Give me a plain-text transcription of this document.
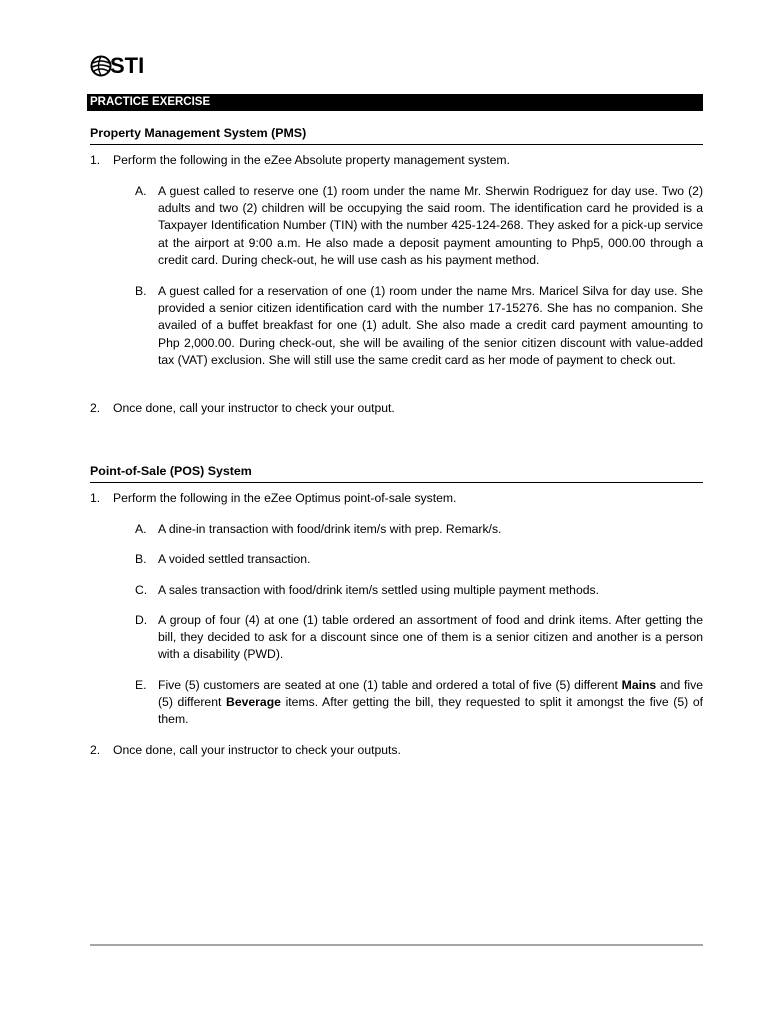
STI
PRACTICE EXERCISE
Property Management System (PMS)
1. Perform the following in the eZee Absolute property management system.
A. A guest called to reserve one (1) room under the name Mr. Sherwin Rodriguez for day use. Two (2) adults and two (2) children will be occupying the said room. The identification card he provided is a Taxpayer Identification Number (TIN) with the number 425-124-268. They asked for a pick-up service at the airport at 9:00 a.m. He also made a deposit payment amounting to Php5, 000.00 through a credit card. During check-out, he will use cash as his payment method.
B. A guest called for a reservation of one (1) room under the name Mrs. Maricel Silva for day use. She provided a senior citizen identification card with the number 17-15276. She has no companion. She availed of a buffet breakfast for one (1) adult. She also made a credit card payment amounting to Php 2,000.00. During check-out, she will be availing of the senior citizen discount with value-added tax (VAT) exclusion. She will still use the same credit card as her mode of payment to check out.
2. Once done, call your instructor to check your output.
Point-of-Sale (POS) System
1. Perform the following in the eZee Optimus point-of-sale system.
A. A dine-in transaction with food/drink item/s with prep. Remark/s.
B. A voided settled transaction.
C. A sales transaction with food/drink item/s settled using multiple payment methods.
D. A group of four (4) at one (1) table ordered an assortment of food and drink items. After getting the bill, they decided to ask for a discount since one of them is a senior citizen and another is a person with a disability (PWD).
E. Five (5) customers are seated at one (1) table and ordered a total of five (5) different Mains and five (5) different Beverage items. After getting the bill, they requested to split it amongst the five (5) of them.
2. Once done, call your instructor to check your outputs.
